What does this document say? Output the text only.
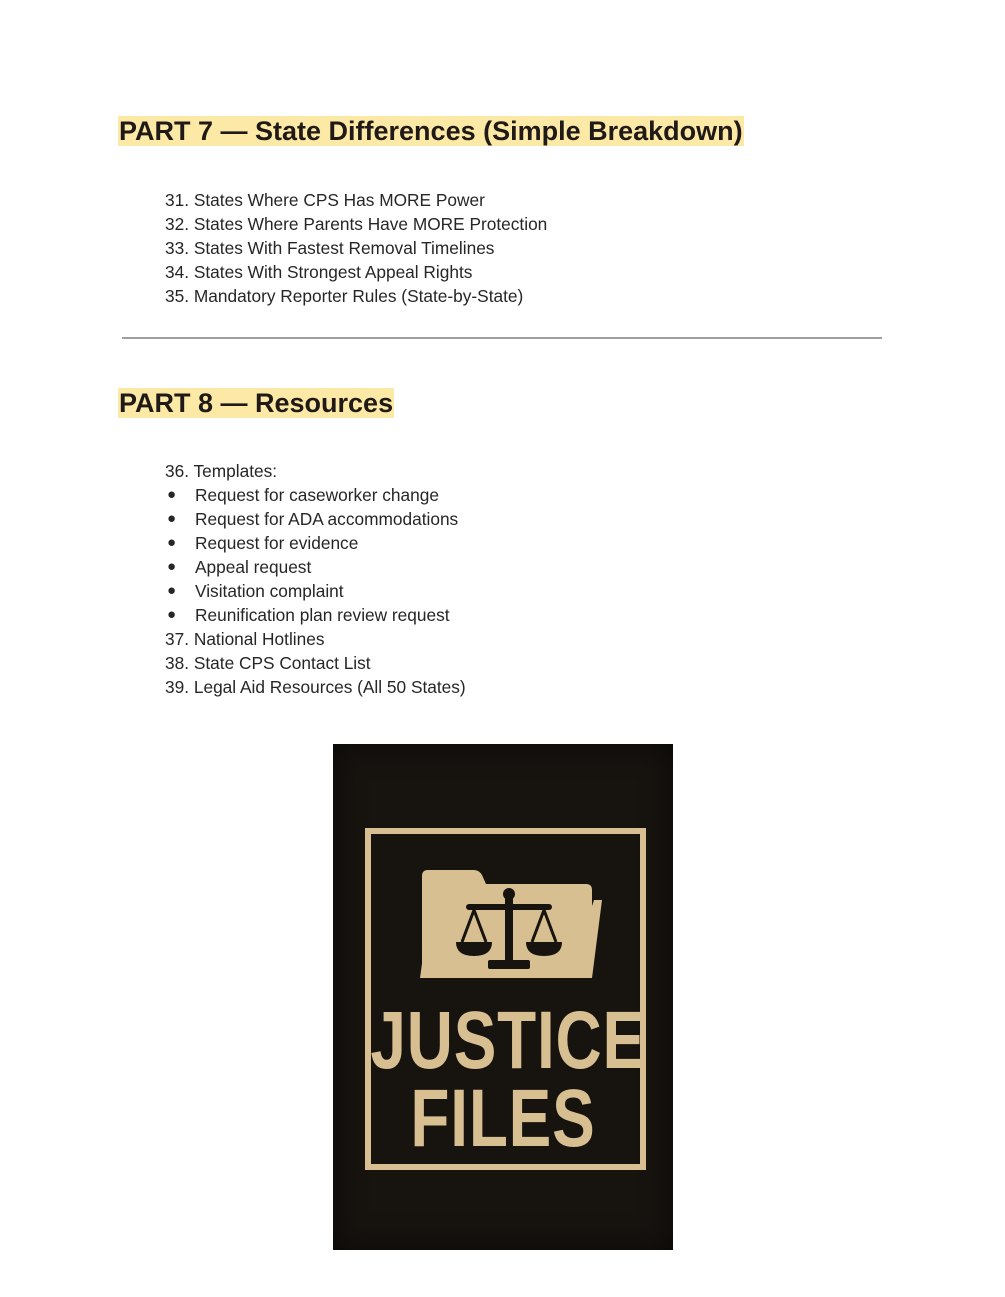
PART 7 — State Differences (Simple Breakdown)
31. States Where CPS Has MORE Power
32. States Where Parents Have MORE Protection
33. States With Fastest Removal Timelines
34. States With Strongest Appeal Rights
35. Mandatory Reporter Rules (State-by-State)
PART 8 — Resources
36. Templates:
● Request for caseworker change
● Request for ADA accommodations
● Request for evidence
● Appeal request
● Visitation complaint
● Reunification plan review request
37. National Hotlines
38. State CPS Contact List
39. Legal Aid Resources (All 50 States)
JUSTICE
FILES
